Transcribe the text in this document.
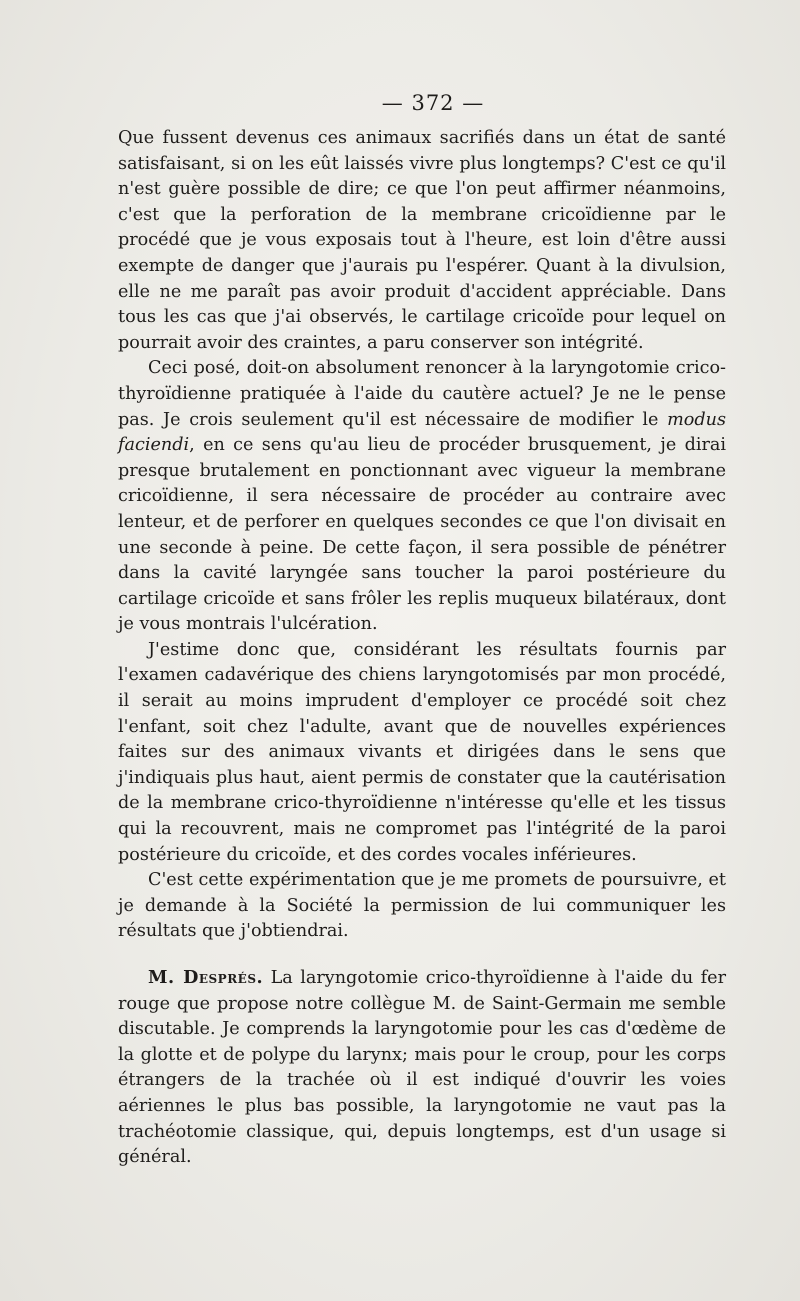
— 372 —

Que fussent devenus ces animaux sacrifiés dans un état de santé satisfaisant, si on les eût laissés vivre plus longtemps? C'est ce qu'il n'est guère possible de dire; ce que l'on peut affirmer néanmoins, c'est que la perforation de la membrane cricoïdienne par le procédé que je vous exposais tout à l'heure, est loin d'être aussi exempte de danger que j'aurais pu l'espérer. Quant à la divulsion, elle ne me paraît pas avoir produit d'accident appréciable. Dans tous les cas que j'ai observés, le cartilage cricoïde pour lequel on pourrait avoir des craintes, a paru conserver son intégrité.

Ceci posé, doit-on absolument renoncer à la laryngotomie crico-thyroïdienne pratiquée à l'aide du cautère actuel? Je ne le pense pas. Je crois seulement qu'il est nécessaire de modifier le modus faciendi, en ce sens qu'au lieu de procéder brusquement, je dirai presque brutalement en ponctionnant avec vigueur la membrane cricoïdienne, il sera nécessaire de procéder au contraire avec lenteur, et de perforer en quelques secondes ce que l'on divisait en une seconde à peine. De cette façon, il sera possible de pénétrer dans la cavité laryngée sans toucher la paroi postérieure du cartilage cricoïde et sans frôler les replis muqueux bilatéraux, dont je vous montrais l'ulcération.

J'estime donc que, considérant les résultats fournis par l'examen cadavérique des chiens laryngotomisés par mon procédé, il serait au moins imprudent d'employer ce procédé soit chez l'enfant, soit chez l'adulte, avant que de nouvelles expériences faites sur des animaux vivants et dirigées dans le sens que j'indiquais plus haut, aient permis de constater que la cautérisation de la membrane crico-thyroïdienne n'intéresse qu'elle et les tissus qui la recouvrent, mais ne compromet pas l'intégrité de la paroi postérieure du cricoïde, et des cordes vocales inférieures.

C'est cette expérimentation que je me promets de poursuivre, et je demande à la Société la permission de lui communiquer les résultats que j'obtiendrai.

M. Després. La laryngotomie crico-thyroïdienne à l'aide du fer rouge que propose notre collègue M. de Saint-Germain me semble discutable. Je comprends la laryngotomie pour les cas d'œdème de la glotte et de polype du larynx; mais pour le croup, pour les corps étrangers de la trachée où il est indiqué d'ouvrir les voies aériennes le plus bas possible, la laryngotomie ne vaut pas la trachéotomie classique, qui, depuis longtemps, est d'un usage si général.
